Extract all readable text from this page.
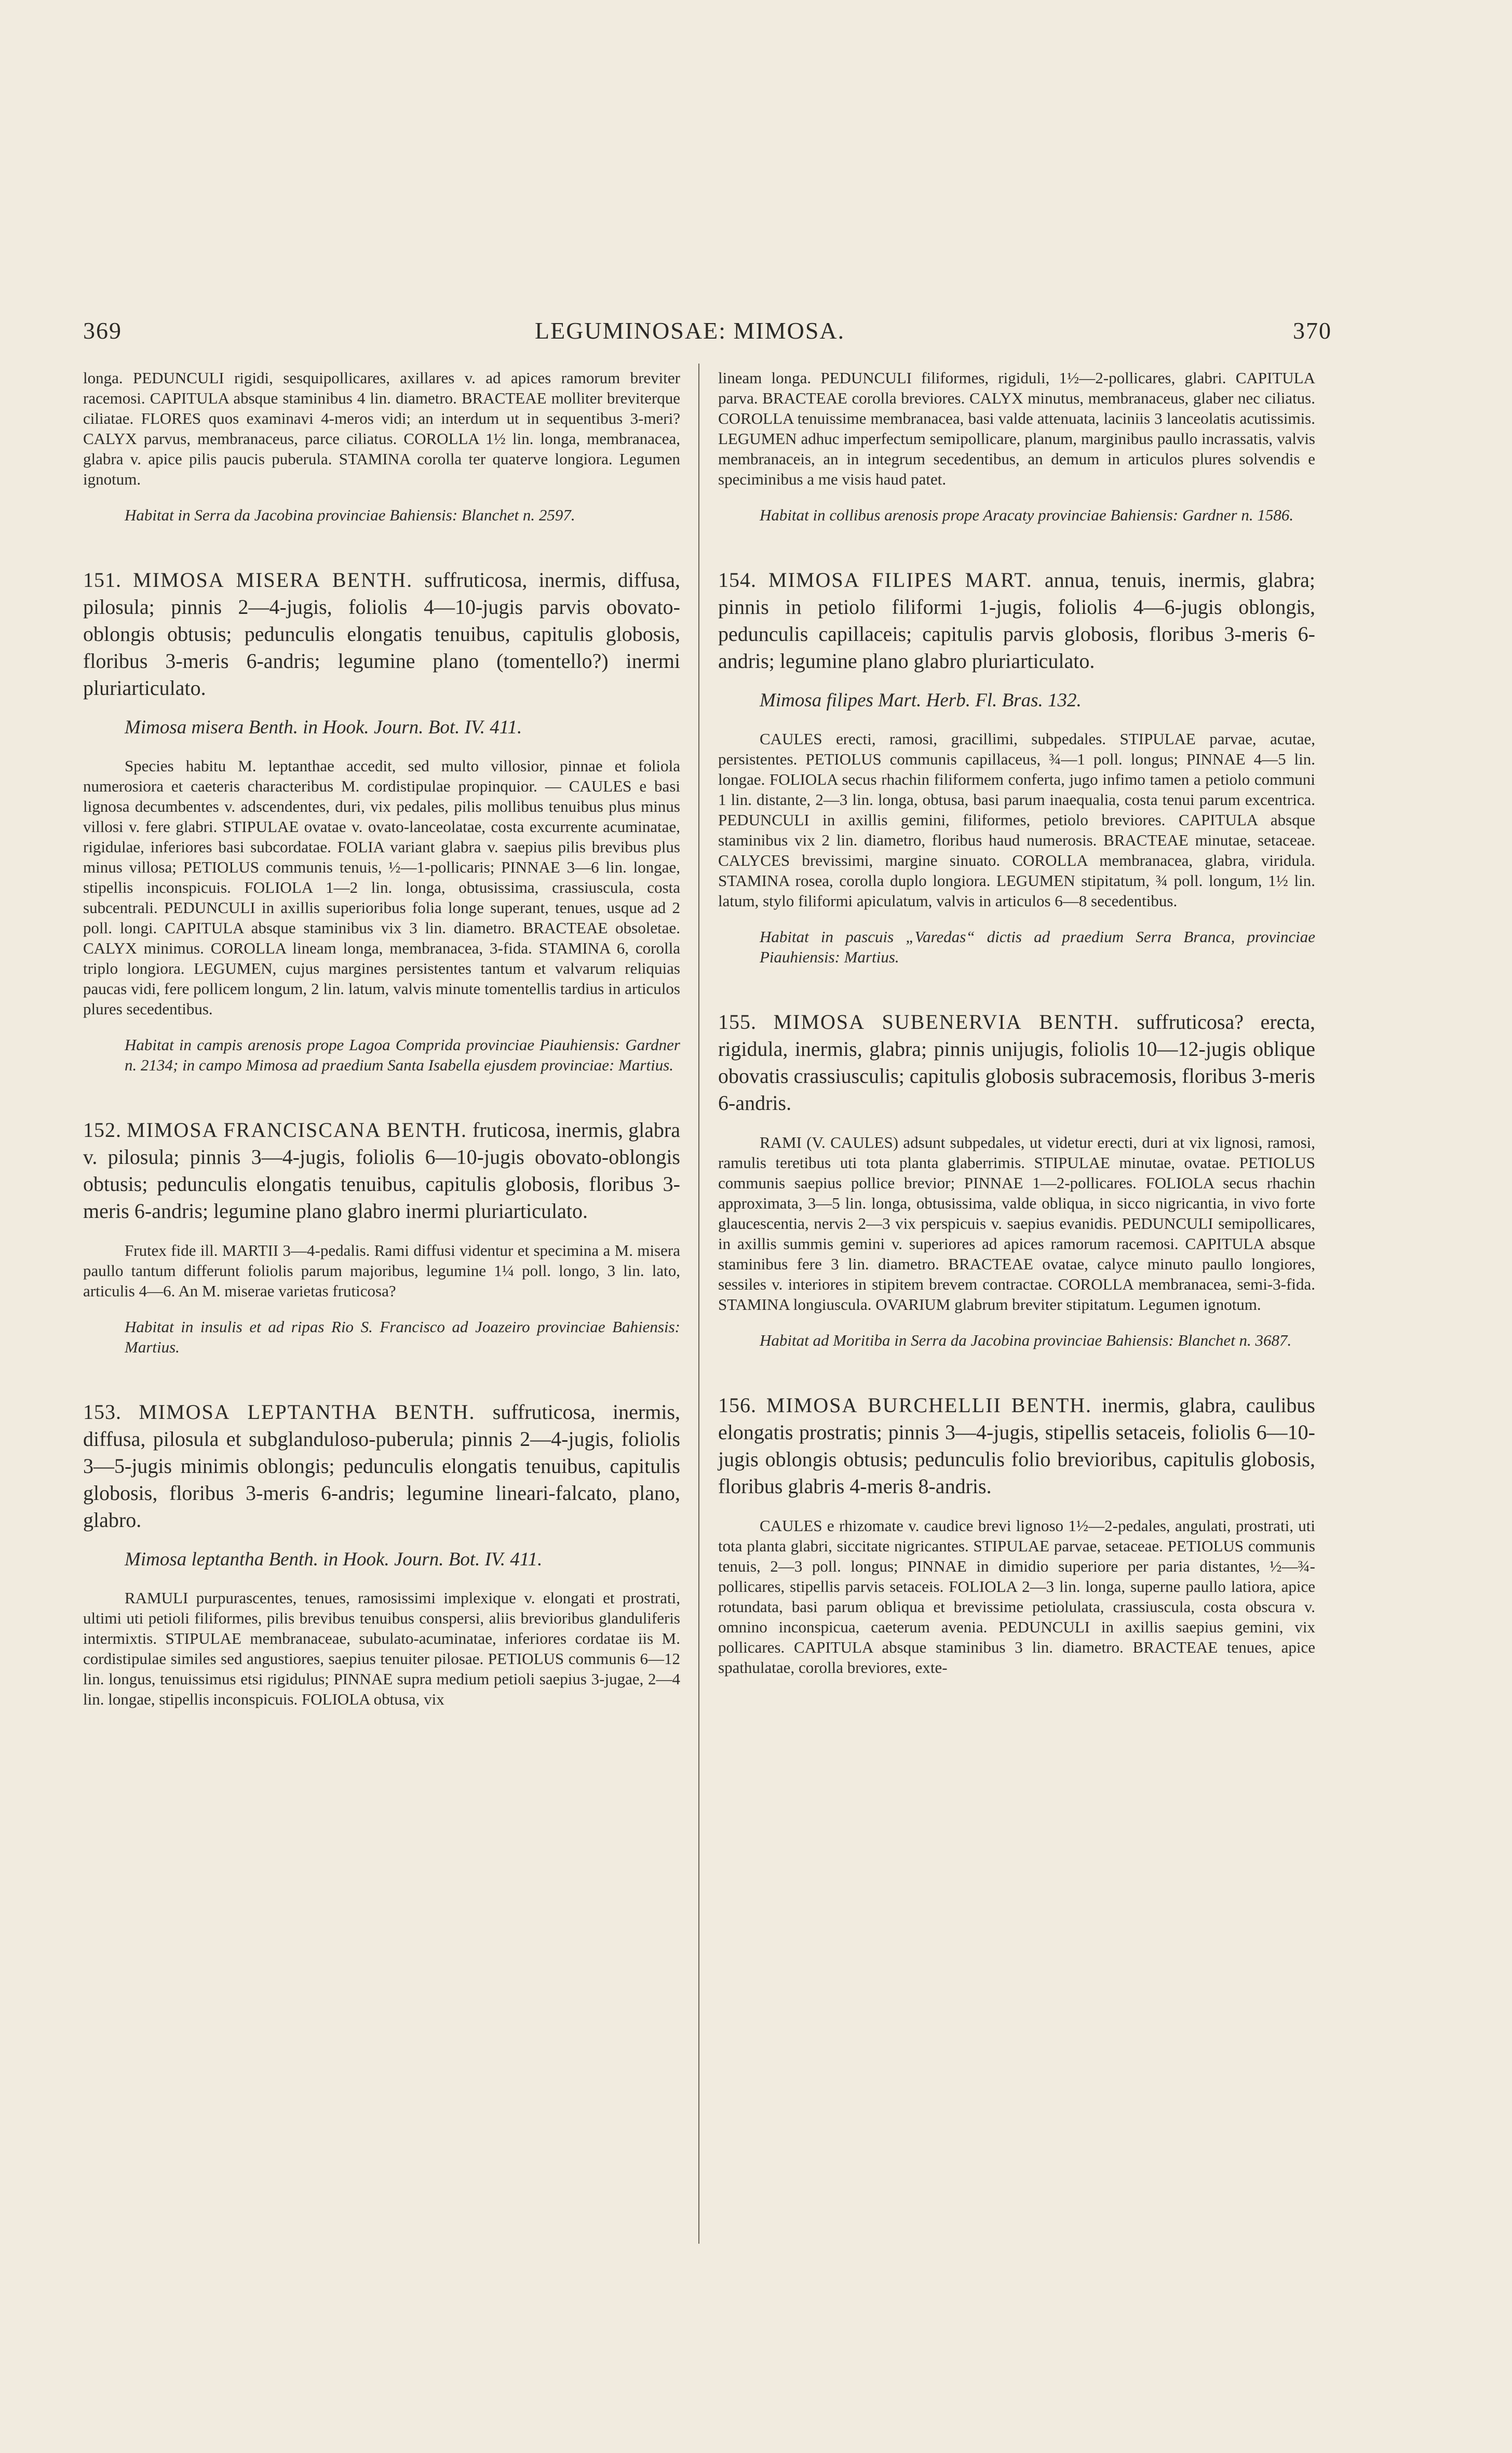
369	LEGUMINOSAE: MIMOSA.	370

longa. PEDUNCULI rigidi, sesquipollicares, axillares v. ad apices ramorum breviter racemosi. CAPITULA absque staminibus 4 lin. diametro. BRACTEAE molliter breviterque ciliatae. FLORES quos examinavi 4-meros vidi; an interdum ut in sequentibus 3-meri? CALYX parvus, membranaceus, parce ciliatus. COROLLA 1½ lin. longa, membranacea, glabra v. apice pilis paucis puberula. STAMINA corolla ter quaterve longiora. Legumen ignotum.

Habitat in Serra da Jacobina provinciae Bahiensis: Blanchet n. 2597.

151. MIMOSA MISERA BENTH. suffruticosa, inermis, diffusa, pilosula; pinnis 2—4-jugis, foliolis 4—10-jugis parvis obovato-oblongis obtusis; pedunculis elongatis tenuibus, capitulis globosis, floribus 3-meris 6-andris; legumine plano (tomentello?) inermi pluriarticulato.

Mimosa misera Benth. in Hook. Journ. Bot. IV. 411.

Species habitu M. leptanthae accedit, sed multo villosior, pinnae et foliola numerosiora et caeteris characteribus M. cordistipulae propinquior. — CAULES e basi lignosa decumbentes v. adscendentes, duri, vix pedales, pilis mollibus tenuibus plus minus villosi v. fere glabri. STIPULAE ovatae v. ovato-lanceolatae, costa excurrente acuminatae, rigidulae, inferiores basi subcordatae. FOLIA variant glabra v. saepius pilis brevibus plus minus villosa; PETIOLUS communis tenuis, ½—1-pollicaris; PINNAE 3—6 lin. longae, stipellis inconspicuis. FOLIOLA 1—2 lin. longa, obtusissima, crassiuscula, costa subcentrali. PEDUNCULI in axillis superioribus folia longe superant, tenues, usque ad 2 poll. longi. CAPITULA absque staminibus vix 3 lin. diametro. BRACTEAE obsoletae. CALYX minimus. COROLLA lineam longa, membranacea, 3-fida. STAMINA 6, corolla triplo longiora. LEGUMEN, cujus margines persistentes tantum et valvarum reliquias paucas vidi, fere pollicem longum, 2 lin. latum, valvis minute tomentellis tardius in articulos plures secedentibus.

Habitat in campis arenosis prope Lagoa Comprida provinciae Piauhiensis: Gardner n. 2134; in campo Mimosa ad praedium Santa Isabella ejusdem provinciae: Martius.

152. MIMOSA FRANCISCANA BENTH. fruticosa, inermis, glabra v. pilosula; pinnis 3—4-jugis, foliolis 6—10-jugis obovato-oblongis obtusis; pedunculis elongatis tenuibus, capitulis globosis, floribus 3-meris 6-andris; legumine plano glabro inermi pluriarticulato.

Frutex fide ill. MARTII 3—4-pedalis. Rami diffusi videntur et specimina a M. misera paullo tantum differunt foliolis parum majoribus, legumine 1¼ poll. longo, 3 lin. lato, articulis 4—6. An M. miserae varietas fruticosa?

Habitat in insulis et ad ripas Rio S. Francisco ad Joazeiro provinciae Bahiensis: Martius.

153. MIMOSA LEPTANTHA BENTH. suffruticosa, inermis, diffusa, pilosula et subglanduloso-puberula; pinnis 2—4-jugis, foliolis 3—5-jugis minimis oblongis; pedunculis elongatis tenuibus, capitulis globosis, floribus 3-meris 6-andris; legumine lineari-falcato, plano, glabro.

Mimosa leptantha Benth. in Hook. Journ. Bot. IV. 411.

RAMULI purpurascentes, tenues, ramosissimi implexique v. elongati et prostrati, ultimi uti petioli filiformes, pilis brevibus tenuibus conspersi, aliis brevioribus glanduliferis intermixtis. STIPULAE membranaceae, subulato-acuminatae, inferiores cordatae iis M. cordistipulae similes sed angustiores, saepius tenuiter pilosae. PETIOLUS communis 6—12 lin. longus, tenuissimus etsi rigidulus; PINNAE supra medium petioli saepius 3-jugae, 2—4 lin. longae, stipellis inconspicuis. FOLIOLA obtusa, vix

lineam longa. PEDUNCULI filiformes, rigiduli, 1½—2-pollicares, glabri. CAPITULA parva. BRACTEAE corolla breviores. CALYX minutus, membranaceus, glaber nec ciliatus. COROLLA tenuissime membranacea, basi valde attenuata, laciniis 3 lanceolatis acutissimis. LEGUMEN adhuc imperfectum semipollicare, planum, marginibus paullo incrassatis, valvis membranaceis, an in integrum secedentibus, an demum in articulos plures solvendis e speciminibus a me visis haud patet.

Habitat in collibus arenosis prope Aracaty provinciae Bahiensis: Gardner n. 1586.

154. MIMOSA FILIPES MART. annua, tenuis, inermis, glabra; pinnis in petiolo filiformi 1-jugis, foliolis 4—6-jugis oblongis, pedunculis capillaceis; capitulis parvis globosis, floribus 3-meris 6-andris; legumine plano glabro pluriarticulato.

Mimosa filipes Mart. Herb. Fl. Bras. 132.

CAULES erecti, ramosi, gracillimi, subpedales. STIPULAE parvae, acutae, persistentes. PETIOLUS communis capillaceus, ¾—1 poll. longus; PINNAE 4—5 lin. longae. FOLIOLA secus rhachin filiformem conferta, jugo infimo tamen a petiolo communi 1 lin. distante, 2—3 lin. longa, obtusa, basi parum inaequalia, costa tenui parum excentrica. PEDUNCULI in axillis gemini, filiformes, petiolo breviores. CAPITULA absque staminibus vix 2 lin. diametro, floribus haud numerosis. BRACTEAE minutae, setaceae. CALYCES brevissimi, margine sinuato. COROLLA membranacea, glabra, viridula. STAMINA rosea, corolla duplo longiora. LEGUMEN stipitatum, ¾ poll. longum, 1½ lin. latum, stylo filiformi apiculatum, valvis in articulos 6—8 secedentibus.

Habitat in pascuis „Varedas“ dictis ad praedium Serra Branca, provinciae Piauhiensis: Martius.

155. MIMOSA SUBENERVIA BENTH. suffruticosa? erecta, rigidula, inermis, glabra; pinnis unijugis, foliolis 10—12-jugis oblique obovatis crassiusculis; capitulis globosis subracemosis, floribus 3-meris 6-andris.

RAMI (V. CAULES) adsunt subpedales, ut videtur erecti, duri at vix lignosi, ramosi, ramulis teretibus uti tota planta glaberrimis. STIPULAE minutae, ovatae. PETIOLUS communis saepius pollice brevior; PINNAE 1—2-pollicares. FOLIOLA secus rhachin approximata, 3—5 lin. longa, obtusissima, valde obliqua, in sicco nigricantia, in vivo forte glaucescentia, nervis 2—3 vix perspicuis v. saepius evanidis. PEDUNCULI semipollicares, in axillis summis gemini v. superiores ad apices ramorum racemosi. CAPITULA absque staminibus fere 3 lin. diametro. BRACTEAE ovatae, calyce minuto paullo longiores, sessiles v. interiores in stipitem brevem contractae. COROLLA membranacea, semi-3-fida. STAMINA longiuscula. OVARIUM glabrum breviter stipitatum. Legumen ignotum.

Habitat ad Moritiba in Serra da Jacobina provinciae Bahiensis: Blanchet n. 3687.

156. MIMOSA BURCHELLII BENTH. inermis, glabra, caulibus elongatis prostratis; pinnis 3—4-jugis, stipellis setaceis, foliolis 6—10-jugis oblongis obtusis; pedunculis folio brevioribus, capitulis globosis, floribus glabris 4-meris 8-andris.

CAULES e rhizomate v. caudice brevi lignoso 1½—2-pedales, angulati, prostrati, uti tota planta glabri, siccitate nigricantes. STIPULAE parvae, setaceae. PETIOLUS communis tenuis, 2—3 poll. longus; PINNAE in dimidio superiore per paria distantes, ½—¾-pollicares, stipellis parvis setaceis. FOLIOLA 2—3 lin. longa, superne paullo latiora, apice rotundata, basi parum obliqua et brevissime petiolulata, crassiuscula, costa obscura v. omnino inconspicua, caeterum avenia. PEDUNCULI in axillis saepius gemini, vix pollicares. CAPITULA absque staminibus 3 lin. diametro. BRACTEAE tenues, apice spathulatae, corolla breviores, exte-
